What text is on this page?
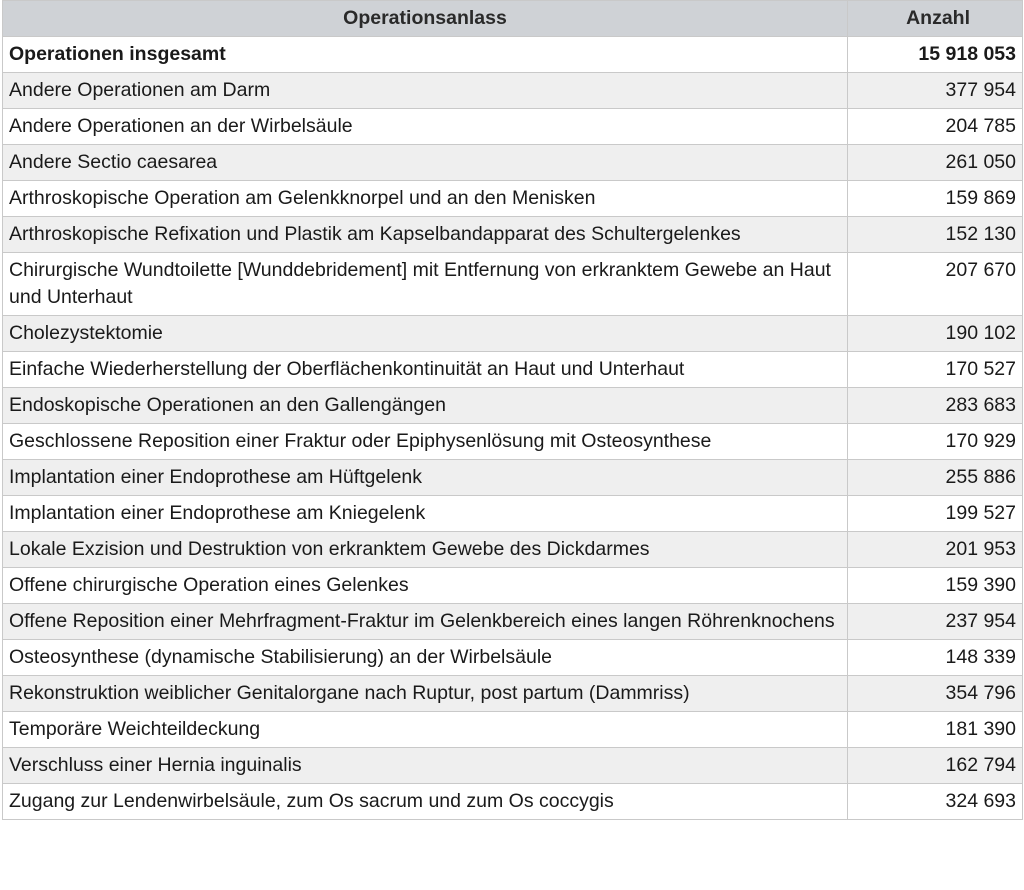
Operationsanlass	Anzahl
Operationen insgesamt	15 918 053
Andere Operationen am Darm	377 954
Andere Operationen an der Wirbelsäule	204 785
Andere Sectio caesarea	261 050
Arthroskopische Operation am Gelenkknorpel und an den Menisken	159 869
Arthroskopische Refixation und Plastik am Kapselbandapparat des Schultergelenkes	152 130
Chirurgische Wundtoilette [Wunddebridement] mit Entfernung von erkranktem Gewebe an Haut und Unterhaut	207 670
Cholezystektomie	190 102
Einfache Wiederherstellung der Oberflächenkontinuität an Haut und Unterhaut	170 527
Endoskopische Operationen an den Gallengängen	283 683
Geschlossene Reposition einer Fraktur oder Epiphysenlösung mit Osteosynthese	170 929
Implantation einer Endoprothese am Hüftgelenk	255 886
Implantation einer Endoprothese am Kniegelenk	199 527
Lokale Exzision und Destruktion von erkranktem Gewebe des Dickdarmes	201 953
Offene chirurgische Operation eines Gelenkes	159 390
Offene Reposition einer Mehrfragment-Fraktur im Gelenkbereich eines langen Röhrenknochens	237 954
Osteosynthese (dynamische Stabilisierung) an der Wirbelsäule	148 339
Rekonstruktion weiblicher Genitalorgane nach Ruptur, post partum (Dammriss)	354 796
Temporäre Weichteildeckung	181 390
Verschluss einer Hernia inguinalis	162 794
Zugang zur Lendenwirbelsäule, zum Os sacrum und zum Os coccygis	324 693
